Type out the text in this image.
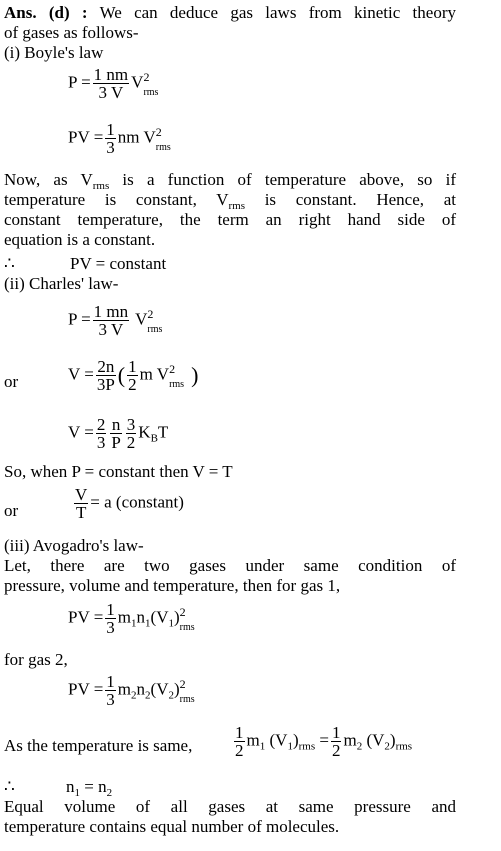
Ans. (d) : We can deduce gas laws from kinetic theory
of gases as follows-
(i) Boyle's law
$P = \frac{1 nm}{3 V}$ V 2
rms
PV = $\frac{1}{3}$ nm V 2
rms
Now, as $V_{rms}$ is a function of temperature above, so if
temperature is constant, $V_{rms}$ is constant. Hence, at
constant temperature, the term an right hand side of
equation is a constant.
∴	PV = constant
(ii) Charles' law-
$P = \frac{1 mn}{3 V}$ V 2
rms
or	$V = \frac{2n}{3P}$ ( $\frac{1}{2}$ m V 2
rms )
$V = \frac{2}{3} \frac{n}{P} \frac{3}{2} K_BT$
So, when P = constant then V = T
or	$\frac{V}{T} = a$ (constant)
(iii) Avogadro's law-
Let, there are two gases under same condition of
pressure, volume and temperature, then for gas 1,
PV = $\frac{1}{3} m_1n_1(V_1)$ 2
rms
for gas 2,
PV = $\frac{1}{3} m_2n_2(V_2)$ 2
rms
As the temperature is same, $\frac{1}{2} m_1$ $(V_1)_{rms} = \frac{1}{2} m_2$ $(V_2)_{rms}$
∴	$n_1 = n_2$
Equal volume of all gases at same pressure and
temperature contains equal number of molecules.
